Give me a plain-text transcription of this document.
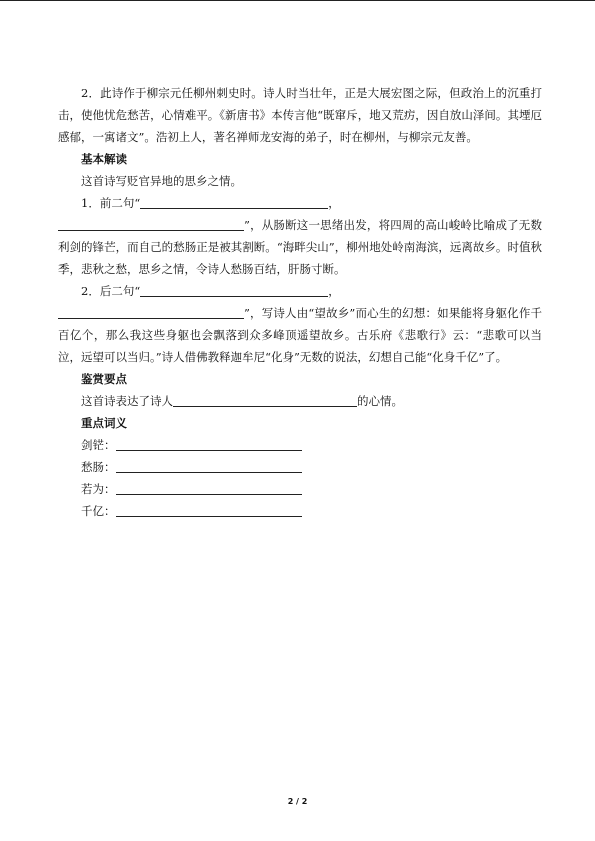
2．此诗作于柳宗元任柳州刺史时。诗人时当壮年，正是大展宏图之际，但政治上的沉重打击，使他忧危愁苦，心情难平。《新唐书》本传言他“既窜斥，地又荒疠，因自放山泽间。其堙厄感郁，一寓诸文”。浩初上人，著名禅师龙安海的弟子，时在柳州，与柳宗元友善。

基本解读

这首诗写贬官异地的思乡之情。

1．前二句“	，
”，从肠断这一思绪出发，将四周的高山峻岭比喻成了无数利剑的锋芒，而自己的愁肠正是被其割断。“海畔尖山”，柳州地处岭南海滨，远离故乡。时值秋季，悲秋之愁，思乡之情，令诗人愁肠百结，肝肠寸断。

2．后二句“	，
”，写诗人由“望故乡”而心生的幻想：如果能将身躯化作千百亿个，那么我这些身躯也会飘落到众多峰顶遥望故乡。古乐府《悲歌行》云：“悲歌可以当泣，远望可以当归。”诗人借佛教释迦牟尼“化身”无数的说法，幻想自己能“化身千亿”了。

鉴赏要点

这首诗表达了诗人	的心情。

重点词义

剑铓：

愁肠：

若为：

千亿：

2 / 2
